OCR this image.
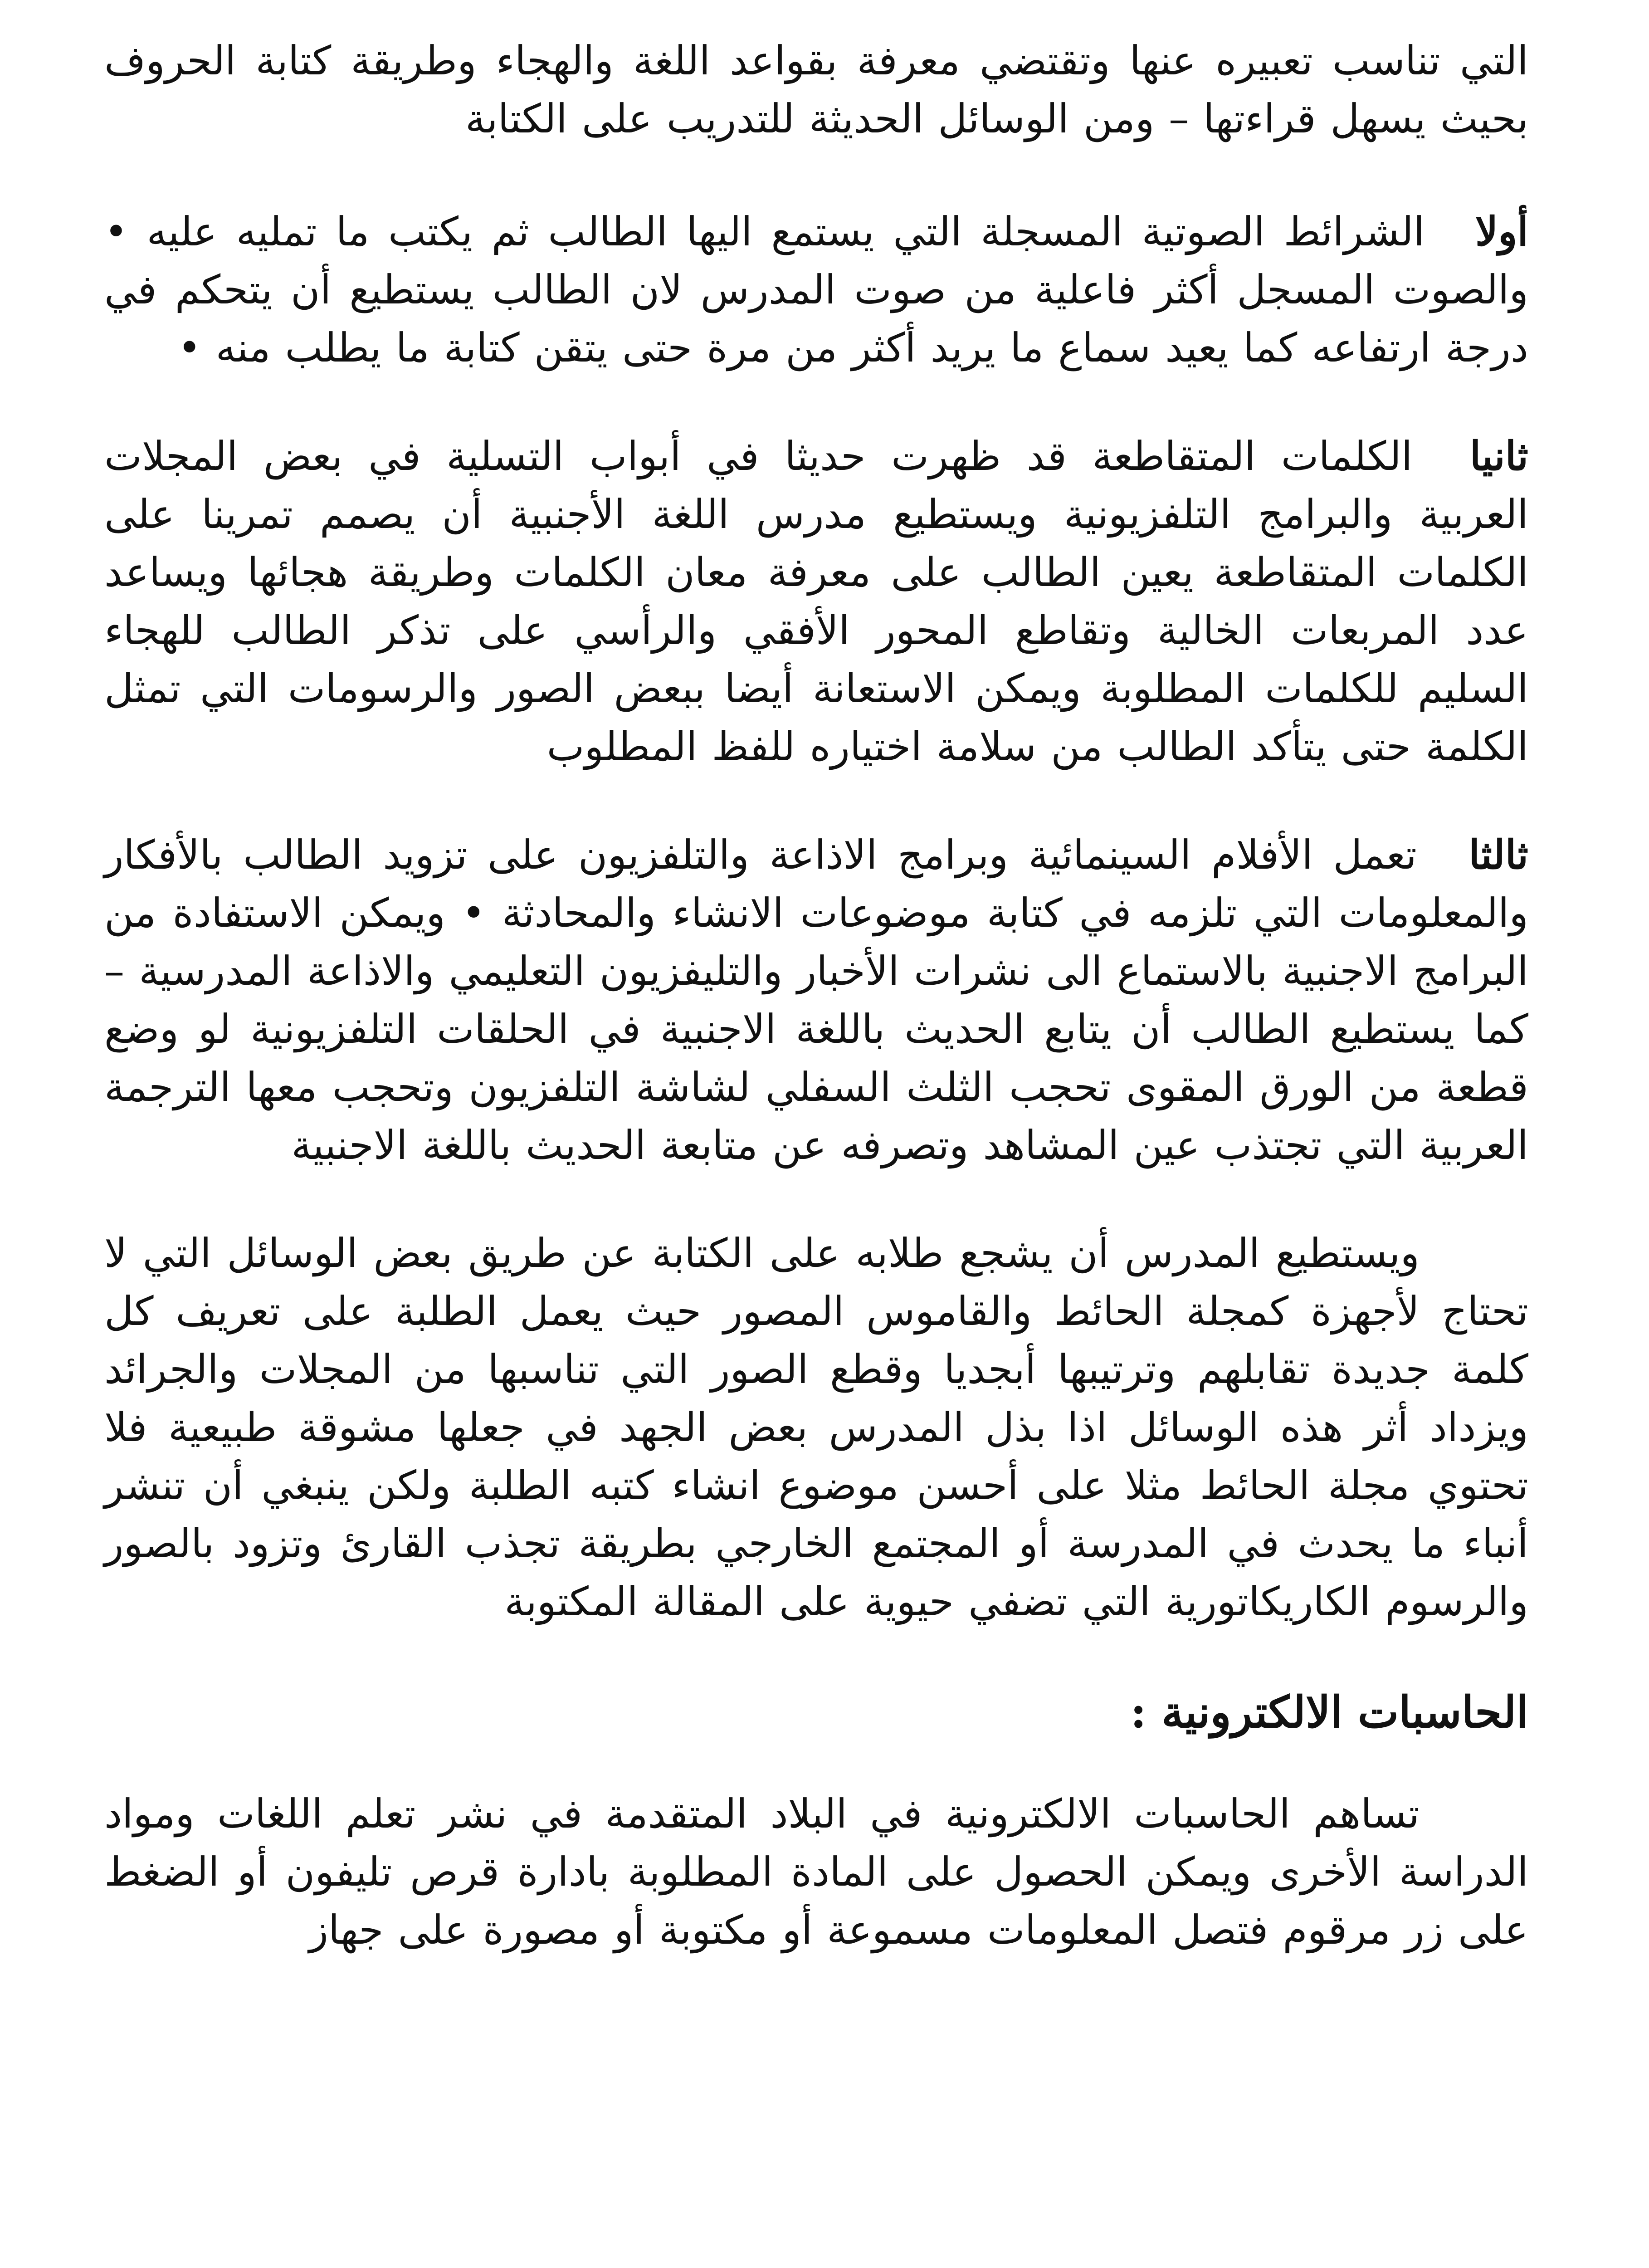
التي تناسب تعبيره عنها وتقتضي معرفة بقواعد اللغة والهجاء وطريقة كتابة الحروف بحيث يسهل قراءتها – ومن الوسائل الحديثة للتدريب على الكتابة

أولا الشرائط الصوتية المسجلة التي يستمع اليها الطالب ثم يكتب ما تمليه عليه • والصوت المسجل أكثر فاعلية من صوت المدرس لان الطالب يستطيع أن يتحكم في درجة ارتفاعه كما يعيد سماع ما يريد أكثر من مرة حتى يتقن كتابة ما يطلب منه •

ثانيا الكلمات المتقاطعة قد ظهرت حديثا في أبواب التسلية في بعض المجلات العربية والبرامج التلفزيونية ويستطيع مدرس اللغة الأجنبية أن يصمم تمرينا على الكلمات المتقاطعة يعين الطالب على معرفة معان الكلمات وطريقة هجائها ويساعد عدد المربعات الخالية وتقاطع المحور الأفقي والرأسي على تذكر الطالب للهجاء السليم للكلمات المطلوبة ويمكن الاستعانة أيضا ببعض الصور والرسومات التي تمثل الكلمة حتى يتأكد الطالب من سلامة اختياره للفظ المطلوب

ثالثا تعمل الأفلام السينمائية وبرامج الاذاعة والتلفزيون على تزويد الطالب بالأفكار والمعلومات التي تلزمه في كتابة موضوعات الانشاء والمحادثة • ويمكن الاستفادة من البرامج الاجنبية بالاستماع الى نشرات الأخبار والتليفزيون التعليمي والاذاعة المدرسية – كما يستطيع الطالب أن يتابع الحديث باللغة الاجنبية في الحلقات التلفزيونية لو وضع قطعة من الورق المقوى تحجب الثلث السفلي لشاشة التلفزيون وتحجب معها الترجمة العربية التي تجتذب عين المشاهد وتصرفه عن متابعة الحديث باللغة الاجنبية

ويستطيع المدرس أن يشجع طلابه على الكتابة عن طريق بعض الوسائل التي لا تحتاج لأجهزة كمجلة الحائط والقاموس المصور حيث يعمل الطلبة على تعريف كل كلمة جديدة تقابلهم وترتيبها أبجديا وقطع الصور التي تناسبها من المجلات والجرائد ويزداد أثر هذه الوسائل اذا بذل المدرس بعض الجهد في جعلها مشوقة طبيعية فلا تحتوي مجلة الحائط مثلا على أحسن موضوع انشاء كتبه الطلبة ولكن ينبغي أن تنشر أنباء ما يحدث في المدرسة أو المجتمع الخارجي بطريقة تجذب القارئ وتزود بالصور والرسوم الكاريكاتورية التي تضفي حيوية على المقالة المكتوبة

الحاسبات الالكترونية :

تساهم الحاسبات الالكترونية في البلاد المتقدمة في نشر تعلم اللغات ومواد الدراسة الأخرى ويمكن الحصول على المادة المطلوبة بادارة قرص تليفون أو الضغط على زر مرقوم فتصل المعلومات مسموعة أو مكتوبة أو مصورة على جهاز
